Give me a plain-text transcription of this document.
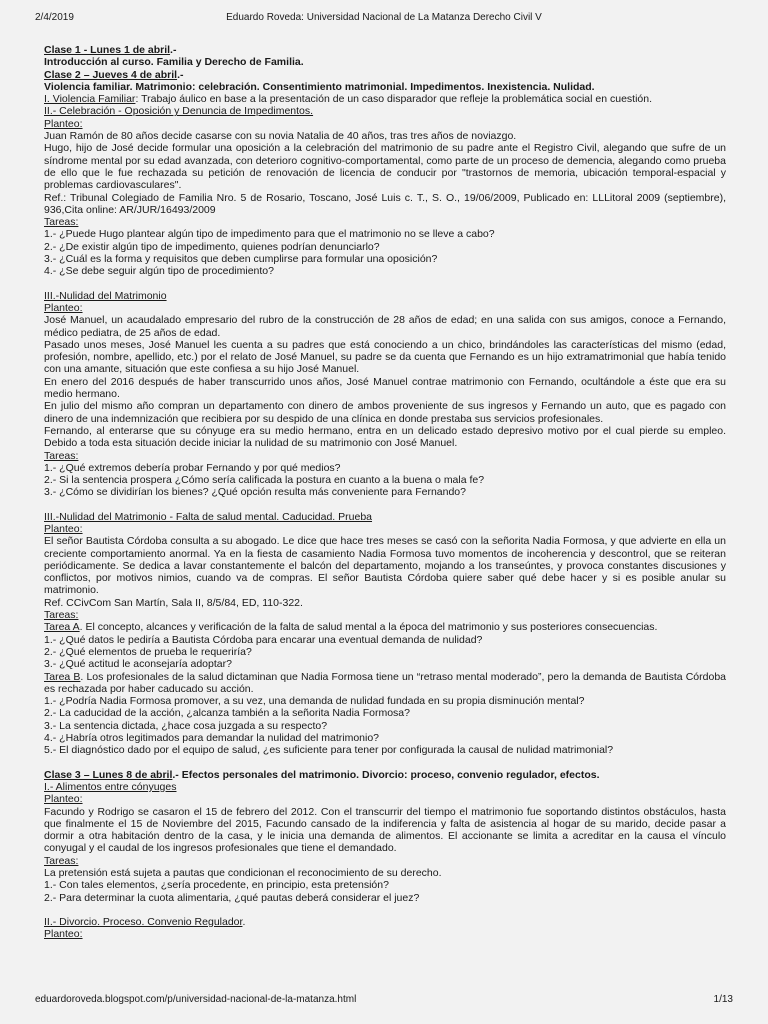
2/4/2019	Eduardo Roveda: Universidad Nacional de La Matanza Derecho Civil V

Clase 1 - Lunes 1 de abril.-

Introducción al curso. Familia y Derecho de Familia.

Clase 2 – Jueves 4 de abril.-

Violencia familiar. Matrimonio: celebración. Consentimiento matrimonial. Impedimentos. Inexistencia. Nulidad.

I. Violencia Familiar: Trabajo áulico en base a la presentación de un caso disparador que refleje la problemática social en cuestión.

II.- Celebración - Oposición y Denuncia de Impedimentos.

Planteo:

Juan Ramón de 80 años decide casarse con su novia Natalia de 40 años, tras tres años de noviazgo.

Hugo, hijo de José decide formular una oposición a la celebración del matrimonio de su padre ante el Registro Civil, alegando que sufre de un síndrome mental por su edad avanzada, con deterioro cognitivo-comportamental, como parte de un proceso de demencia, alegando como prueba de ello que le fue rechazada su petición de renovación de licencia de conducir por "trastornos de memoria, ubicación temporal-espacial y problemas cardiovasculares".

Ref.: Tribunal Colegiado de Familia Nro. 5 de Rosario, Toscano, José Luis c. T., S. O., 19/06/2009, Publicado en: LLLitoral 2009 (septiembre), 936,Cita online: AR/JUR/16493/2009

Tareas:

1.- ¿Puede Hugo plantear algún tipo de impedimento para que el matrimonio no se lleve a cabo?

2.- ¿De existir algún tipo de impedimento, quienes podrían denunciarlo?

3.- ¿Cuál es la forma y requisitos que deben cumplirse para formular una oposición?

4.- ¿Se debe seguir algún tipo de procedimiento?

III.-Nulidad del Matrimonio

Planteo:

José Manuel, un acaudalado empresario del rubro de la construcción de 28 años de edad; en una salida con sus amigos, conoce a Fernando, médico pediatra, de 25 años de edad.

Pasado unos meses, José Manuel les cuenta a su padres que está conociendo a un chico, brindándoles las características del mismo (edad, profesión, nombre, apellido, etc.) por el relato de José Manuel, su padre se da cuenta que Fernando es un hijo extramatrimonial que había tenido con una amante, situación que este confiesa a su hijo José Manuel.

En enero del 2016 después de haber transcurrido unos años, José Manuel contrae matrimonio con Fernando, ocultándole a éste que era su medio hermano.

En julio del mismo año compran un departamento con dinero de ambos proveniente de sus ingresos y Fernando un auto, que es pagado con dinero de una indemnización que recibiera por su despido de una clínica en donde prestaba sus servicios profesionales.

Fernando, al enterarse que su cónyuge era su medio hermano, entra en un delicado estado depresivo motivo por el cual pierde su empleo. Debido a toda esta situación decide iniciar la nulidad de su matrimonio con José Manuel.

Tareas:

1.- ¿Qué extremos debería probar Fernando y por qué medios?

2.- Si la sentencia prospera ¿Cómo sería calificada la postura en cuanto a la buena o mala fe?

3.- ¿Cómo se dividirían los bienes? ¿Qué opción resulta más conveniente para Fernando?

III.-Nulidad del Matrimonio - Falta de salud mental. Caducidad. Prueba

Planteo:

El señor Bautista Córdoba consulta a su abogado. Le dice que hace tres meses se casó con la señorita Nadia Formosa, y que advierte en ella un creciente comportamiento anormal. Ya en la fiesta de casamiento Nadia Formosa tuvo momentos de incoherencia y descontrol, que se reiteran periódicamente. Se dedica a lavar constantemente el balcón del departamento, mojando a los transeúntes, y provoca constantes discusiones y conflictos, por motivos nimios, cuando va de compras. El señor Bautista Córdoba quiere saber qué debe hacer y si es posible anular su matrimonio.

Ref. CCivCom San Martín, Sala II, 8/5/84, ED, 110-322.

Tareas:

Tarea A. El concepto, alcances y verificación de la falta de salud mental a la época del matrimonio y sus posteriores consecuencias.

1.- ¿Qué datos le pediría a Bautista Córdoba para encarar una eventual demanda de nulidad?

2.- ¿Qué elementos de prueba le requeriría?

3.- ¿Qué actitud le aconsejaría adoptar?

Tarea B. Los profesionales de la salud dictaminan que Nadia Formosa tiene un “retraso mental moderado”, pero la demanda de Bautista Córdoba es rechazada por haber caducado su acción.

1.- ¿Podría Nadia Formosa promover, a su vez, una demanda de nulidad fundada en su propia disminución mental?

2.- La caducidad de la acción, ¿alcanza también a la señorita Nadia Formosa?

3.- La sentencia dictada, ¿hace cosa juzgada a su respecto?

4.- ¿Habría otros legitimados para demandar la nulidad del matrimonio?

5.- El diagnóstico dado por el equipo de salud, ¿es suficiente para tener por configurada la causal de nulidad matrimonial?

Clase 3 – Lunes 8 de abril.- Efectos personales del matrimonio. Divorcio: proceso, convenio regulador, efectos.

I.- Alimentos entre cónyuges

Planteo:

Facundo y Rodrigo se casaron el 15 de febrero del 2012. Con el transcurrir del tiempo el matrimonio fue soportando distintos obstáculos, hasta que finalmente el 15 de Noviembre del 2015, Facundo cansado de la indiferencia y falta de asistencia al hogar de su marido, decide pasar a dormir a otra habitación dentro de la casa, y le inicia una demanda de alimentos. El accionante se limita a acreditar en la causa el vínculo conyugal y el caudal de los ingresos profesionales que tiene el demandado.

Tareas:

La pretensión está sujeta a pautas que condicionan el reconocimiento de su derecho.

1.- Con tales elementos, ¿sería procedente, en principio, esta pretensión?

2.- Para determinar la cuota alimentaria, ¿qué pautas deberá considerar el juez?

II.- Divorcio. Proceso. Convenio Regulador.

Planteo:

eduardoroveda.blogspot.com/p/universidad-nacional-de-la-matanza.html	1/13
